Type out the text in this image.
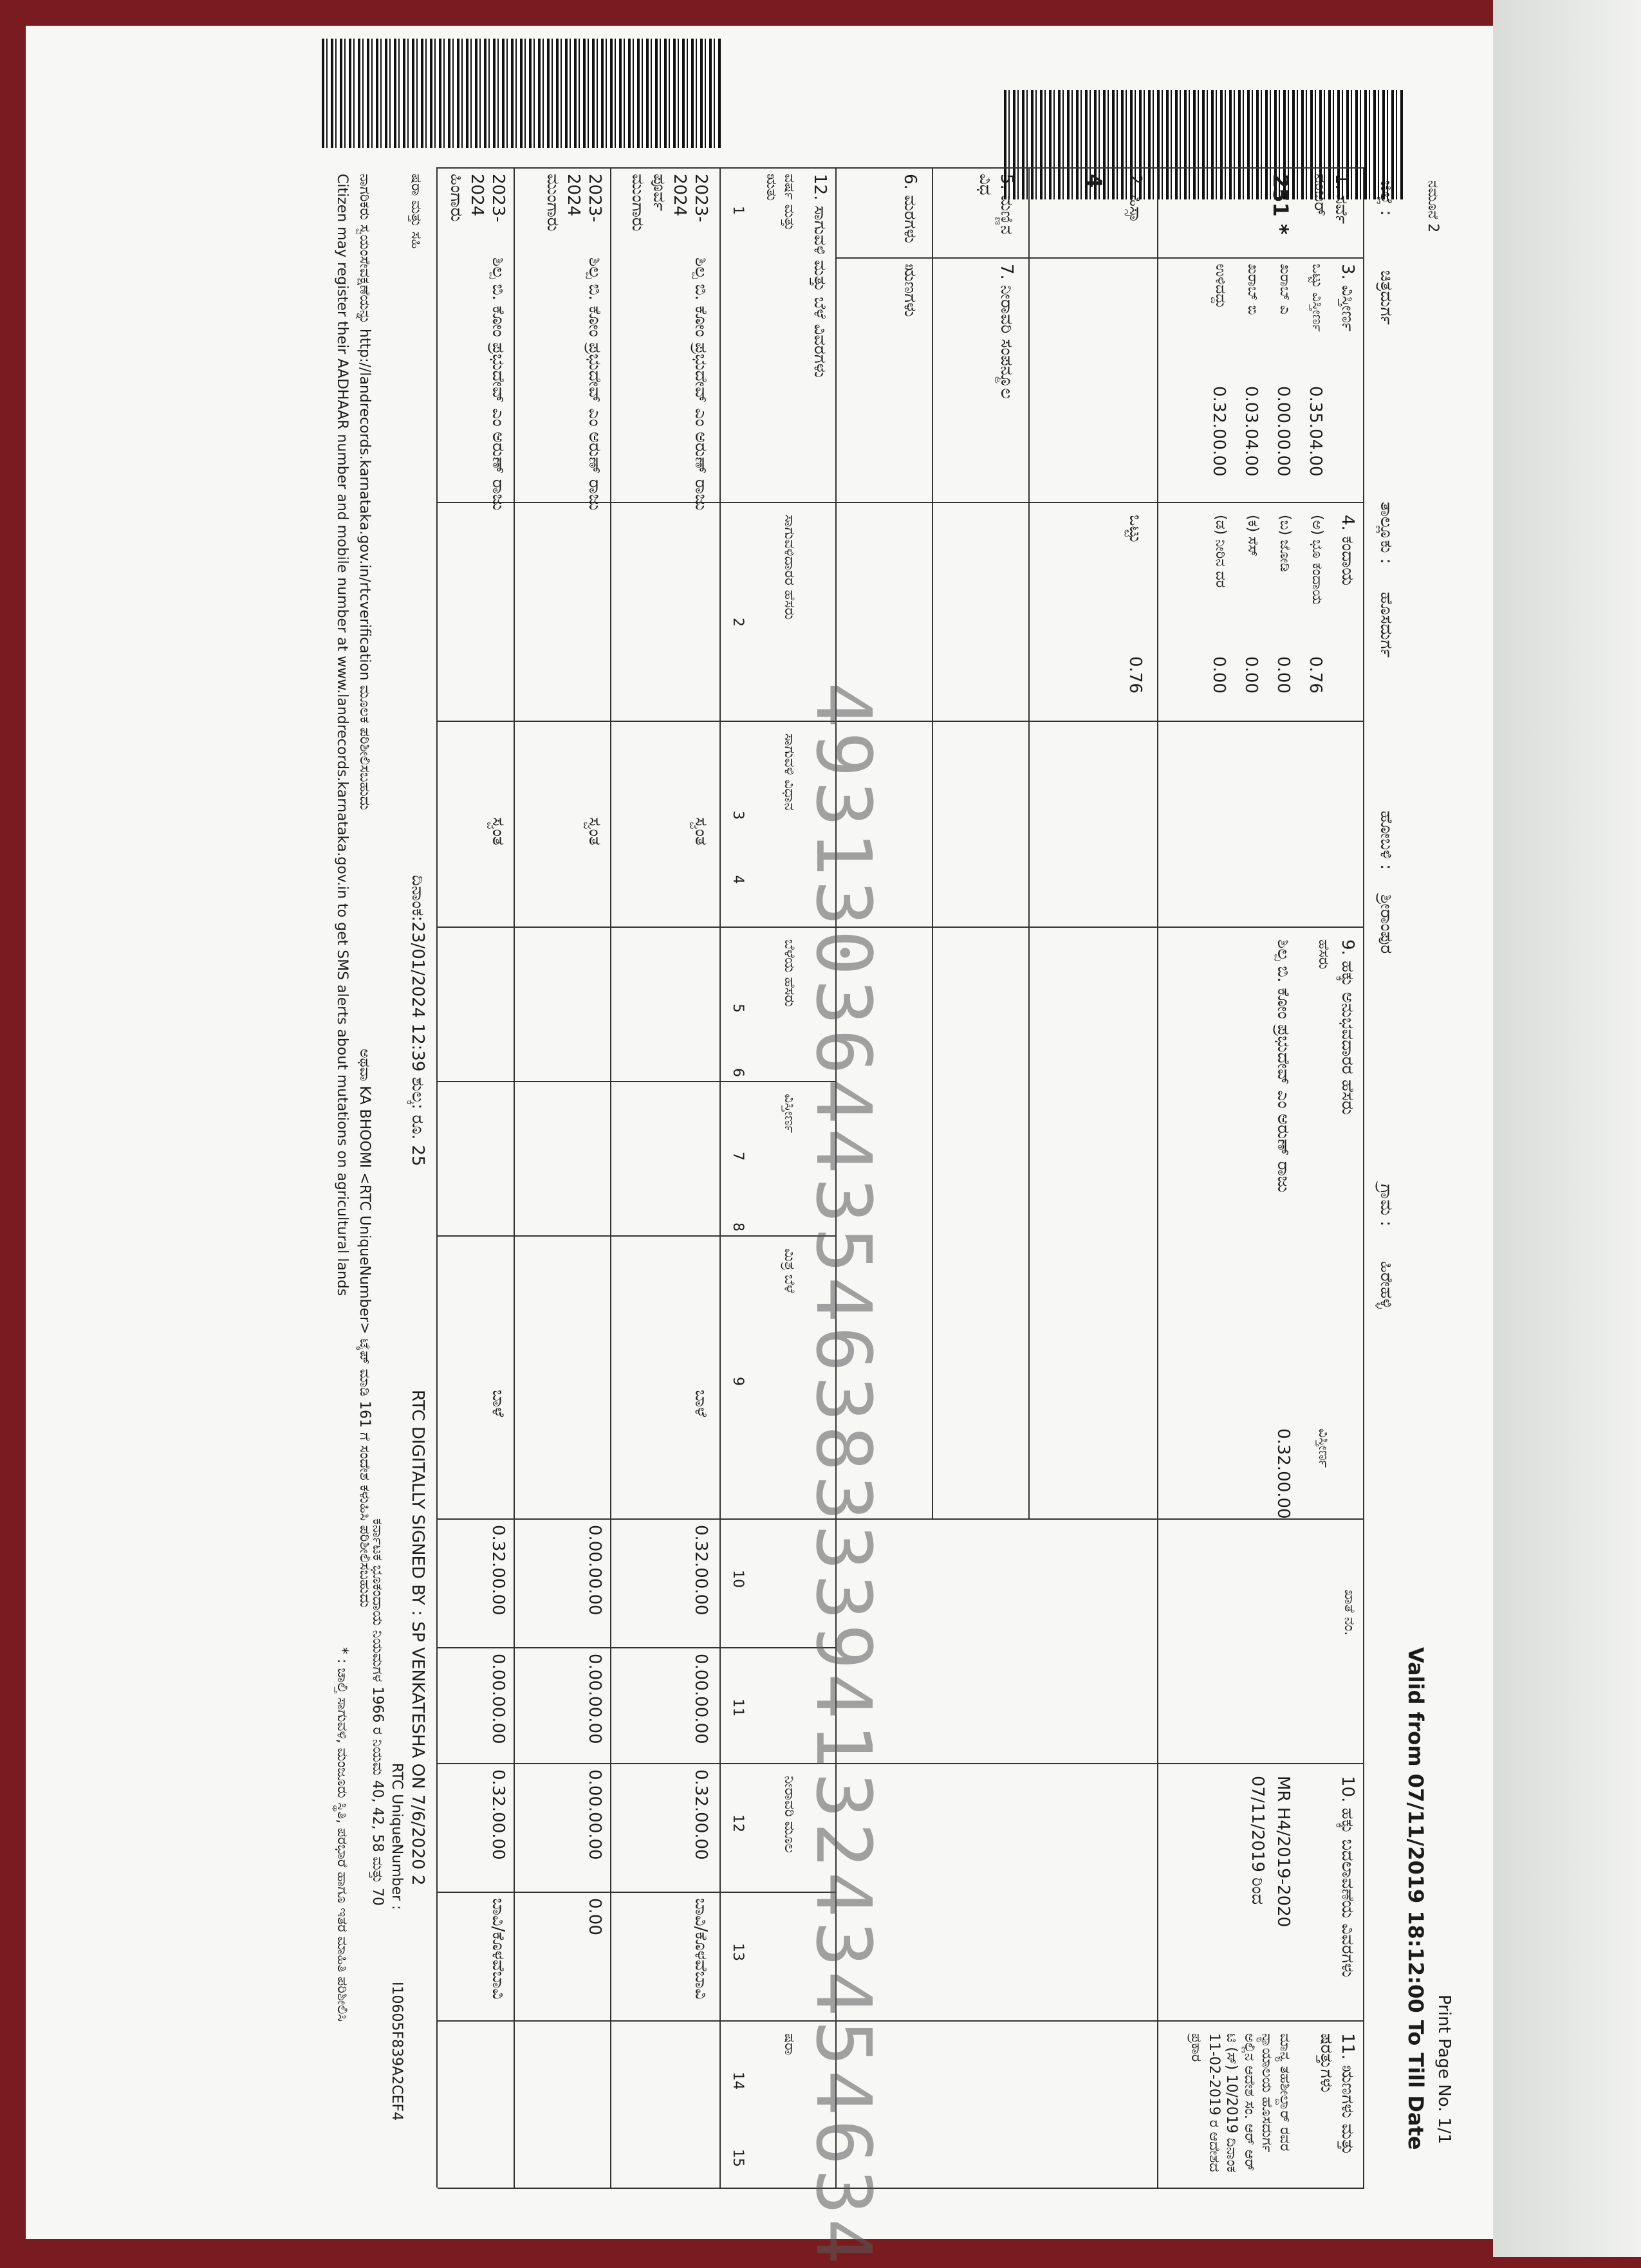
Valid from 07/11/2019 18:12:00 To Till Date Print Page No. 1/1
ಜಿಲ್ಲೆ :
ಚಿತ್ರದುರ್ಗ
ತಾಲ್ಲೂಕು :
ಹೊಸದುರ್ಗ
ಹೋಬಳಿ :
ಶ್ರೀರಾಂಪುರ
ಗ್ರಾಮ :
ಹಿರೇಹಳ್ಳಿ
ನಮೂನೆ 2
1. ಸರ್ವೆ ನಂಬರ್
251 *
3. ವಿಸ್ತೀರ್ಣ
ಒಟ್ಟು ವಿಸ್ತೀರ್ಣ
ಖರಾಬ್ ಎ
ಖರಾಬ್ ಬಿ
ಉಳಿದದ್ದು
0.35.04.00
0.00.00.00
0.03.04.00
0.32.00.00
4. ಕಂದಾಯ
(ಅ) ಭೂ ಕಂದಾಯ
(ಬ) ಜೋಡಿ
(ಕ) ಸೆಸ್
(ಡ) ನೀರಿನ ದರ
0.76
0.00
0.00
0.00
ಒಟ್ಟು
0.76
2. ಹಿಸ್ಸಾ
4
5. ಮಣ್ಣಿನ ವಿಧ
7. ನೀರಾವರಿ ಸಂಪನ್ಮೂಲ
6. ಮರಗಳು
ಋಣಗಳು
9. ಹಕ್ಕು ಅನುಭವದಾರರ ಹೆಸರು
ಹೆಸರು
ವಿಸ್ತೀರ್ಣ
ಖಾತೆ ನಂ.
ಶಿಲ್ಪ ಬಿ. ಕೋಂ ಪ್ರಭುದೇವ್ ಎಂ ಅರುಣ್ ರಾಜು
0.32.00.00
10. ಹಕ್ಕು ಬದಲಾವಣೆಯ ವಿವರಗಳು
MR H4/2019-2020
07/11/2019 ರಿಂದ
11. ಋಣಗಳು ಮತ್ತು ಷರತ್ತುಗಳು
ಮಾನ್ಯ ತಹಶೀಲ್ದಾರ್ ರವರ ನ್ಯಾಯಾಲಯ ಹೊಸದುರ್ಗ ಅಲ್ಲಿನ ಆದೇಶ ಸಂ. ಆರ್ ಆರ್ ಟಿ (ಸ್) 10/2019 ದಿನಾಂಕ 11-02-2019 ರ ಆದೇಶದ ಪ್ರಕಾರ
12. ಸಾಗುವಳಿ ಮತ್ತು ಬೆಳೆ ವಿವರಗಳು
ವರ್ಷ ಮತ್ತು ಋತು
ಸಾಗುವಳಿದಾರರ ಹೆಸರು
ಸಾಗುವಳಿ ವಿಧಾನ
ಬೆಳೆಯ ಹೆಸರು
ವಿಸ್ತೀರ್ಣ
ಮಿಶ್ರ ಬೆಳೆ
ನೀರಾವರಿ ಮೂಲ
ಷರಾ
1
2
3
4
5
6
7
8
9
10
11
12
13
14
15
2023-2024 ಪೂರ್ವ ಮುಂಗಾರು
ಶಿಲ್ಪ ಬಿ. ಕೋಂ ಪ್ರಭುದೇವ್ ಎಂ ಅರುಣ್ ರಾಜು
ಸ್ವಂತ
ಬಾಳೆ
0.32.00.00
0.00.00.00
0.32.00.00
ಬಾವಿ/ಕೊಳವೆಬಾವಿ
2023-2024 ಮುಂಗಾರು
ಶಿಲ್ಪ ಬಿ. ಕೋಂ ಪ್ರಭುದೇವ್ ಎಂ ಅರುಣ್ ರಾಜು
ಸ್ವಂತ
0.00.00.00
0.00.00.00
0.00.00.00
0.00
2023-2024 ಹಿಂಗಾರು
ಶಿಲ್ಪ ಬಿ. ಕೋಂ ಪ್ರಭುದೇವ್ ಎಂ ಅರುಣ್ ರಾಜು
ಸ್ವಂತ
ಬಾಳೆ
0.32.00.00
0.00.00.00
0.32.00.00
ಬಾವಿ/ಕೊಳವೆಬಾವಿ
ಷರಾ ಮತ್ತು ಸಹಿ
ದಿನಾಂಕ:23/01/2024 12:39 ಶುಲ್ಕ: ರೂ. 25
RTC DIGITALLY SIGNED BY : SP VENKATESHA ON 7/6/2020 2
RTC UniqueNumber :
I10605F839A2CEF4
ಕರ್ನಾಟಕ ಭೂಕಂದಾಯ ನಿಯಮಗಳ 1966 ರ ನಿಯಮ 40, 42, 58 ಮತ್ತು 70
ನಾಗರಿಕರು ಸ್ವಯಂಸೇವಕ್ಷಣೆಯನ್ನು http://landrecords.karnataka.gov.in/rtcverification ಮೂಲಕ ಪರಿಶೀಲಿಸಬಹುದು
ಅಥವಾ KA BHOOMI <RTC UniqueNumber> ಟೈಪ್ ಮಾಡಿ 161 ಗೆ ಸಂದೇಶ ಕಳುಹಿಸಿ ಪರಿಶೀಲಿಸಬಹುದು
Citizen may register their AADHAAR number and mobile number at www.landrecords.karnataka.gov.in to get SMS alerts about mutations on agricultural lands
* : ಚಾಲ್ತಿ ಸಾಗುವಳಿ, ಮಂಜೂರು ಸ್ಥಿತಿ, ಪರಭಾರೆ ಹಾಗೂ ಇತರ ಮಾಹಿತಿ ಪರಿಶೀಲಿಸಿ	49313036443546383339413243454634
